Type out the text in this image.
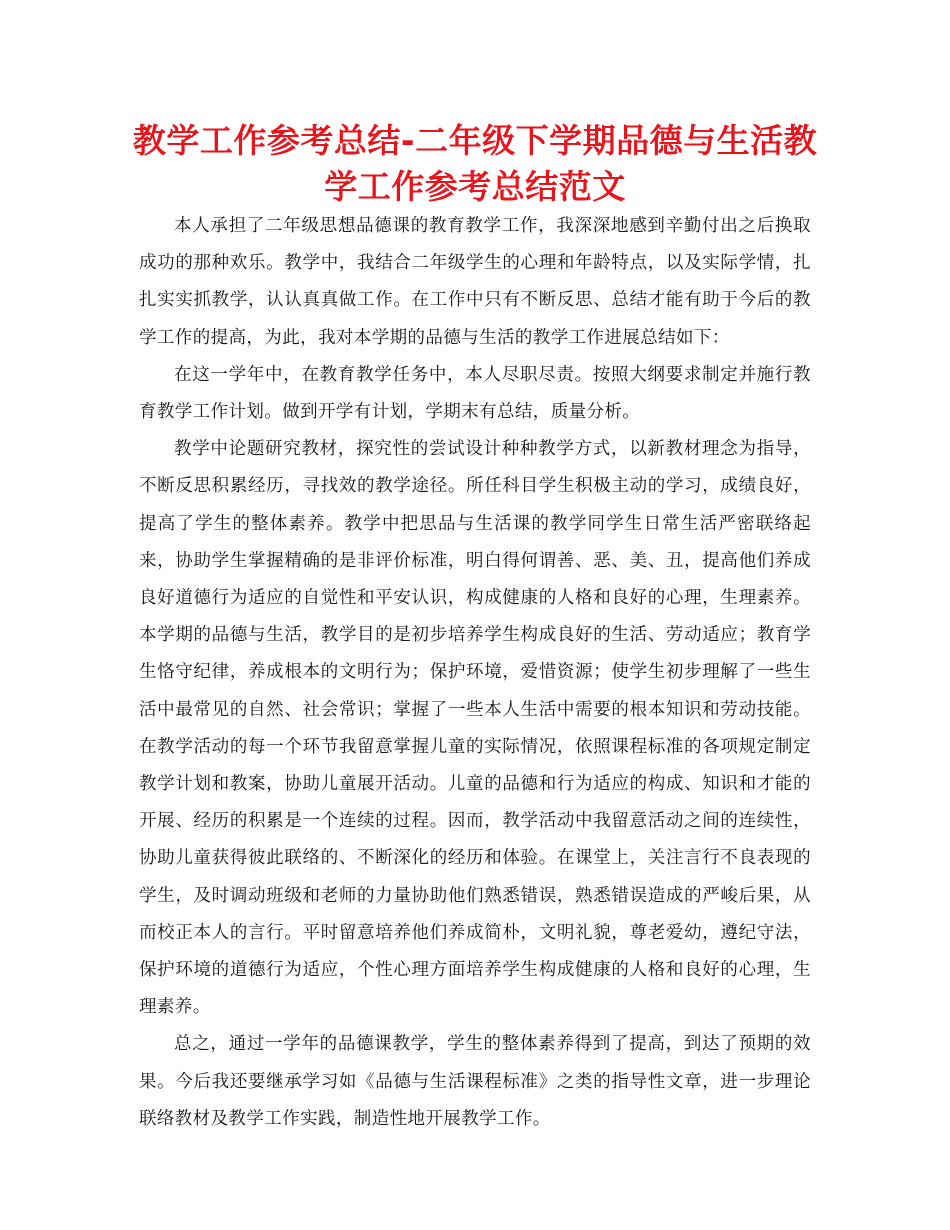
教学工作参考总结-二年级下学期品德与生活教学工作参考总结范文

本人承担了二年级思想品德课的教育教学工作，我深深地感到辛勤付出之后换取成功的那种欢乐。教学中，我结合二年级学生的心理和年龄特点，以及实际学情，扎扎实实抓教学，认认真真做工作。在工作中只有不断反思、总结才能有助于今后的教学工作的提高，为此，我对本学期的品德与生活的教学工作进展总结如下：

在这一学年中，在教育教学任务中，本人尽职尽责。按照大纲要求制定并施行教育教学工作计划。做到开学有计划，学期末有总结，质量分析。

教学中论题研究教材，探究性的尝试设计种种教学方式，以新教材理念为指导，不断反思积累经历，寻找效的教学途径。所任科目学生积极主动的学习，成绩良好，提高了学生的整体素养。教学中把思品与生活课的教学同学生日常生活严密联络起来，协助学生掌握精确的是非评价标准，明白得何谓善、恶、美、丑，提高他们养成良好道德行为适应的自觉性和平安认识，构成健康的人格和良好的心理，生理素养。本学期的品德与生活，教学目的是初步培养学生构成良好的生活、劳动适应；教育学生恪守纪律，养成根本的文明行为；保护环境，爱惜资源；使学生初步理解了一些生活中最常见的自然、社会常识；掌握了一些本人生活中需要的根本知识和劳动技能。在教学活动的每一个环节我留意掌握儿童的实际情况，依照课程标准的各项规定制定教学计划和教案，协助儿童展开活动。儿童的品德和行为适应的构成、知识和才能的开展、经历的积累是一个连续的过程。因而，教学活动中我留意活动之间的连续性，协助儿童获得彼此联络的、不断深化的经历和体验。在课堂上，关注言行不良表现的学生，及时调动班级和老师的力量协助他们熟悉错误，熟悉错误造成的严峻后果，从而校正本人的言行。平时留意培养他们养成简朴，文明礼貌，尊老爱幼，遵纪守法，保护环境的道德行为适应，个性心理方面培养学生构成健康的人格和良好的心理，生理素养。

总之，通过一学年的品德课教学，学生的整体素养得到了提高，到达了预期的效果。今后我还要继承学习如《品德与生活课程标准》之类的指导性文章，进一步理论联络教材及教学工作实践，制造性地开展教学工作。
